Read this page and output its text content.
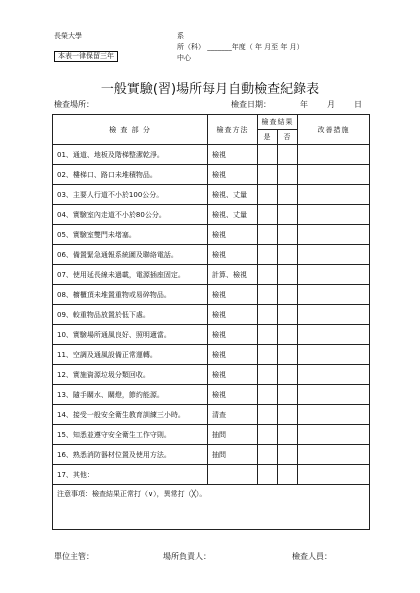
長榮大學	系
所（科） _______年度（ 年 月至 年 月）
中心
本表一律保留三年
一般實驗(習)場所每月自動檢查紀錄表
檢查場所：	檢查日期：	年 月 日
檢 查 部 分	檢查方法	檢查結果		改善措施
		是	否	
01、通道、地板及階梯整潔乾淨。	檢視			
02、樓梯口、路口未堆積物品。	檢視			
03、主要人行道不小於100公分。	檢視、丈量			
04、實驗室內走道不小於80公分。	檢視、丈量			
05、實驗室雙門未堵塞。	檢視			
06、備置緊急通報系統圖及聯絡電話。	檢視			
07、使用延長線未過載，電源插座固定。	計算、檢視			
08、櫥櫃頂未堆置重物或易碎物品。	檢視			
09、較重物品放置於低下處。	檢視			
10、實驗場所通風良好、照明適當。	檢視			
11、空調及通風設備正常運轉。	檢視			
12、實施資源垃圾分類回收。	檢視			
13、隨手關水、關燈，節約能源。	檢視			
14、接受一般安全衛生教育訓練三小時。	清查			
15、知悉並遵守安全衛生工作守則。	抽問			
16、熟悉消防器材位置及使用方法。	抽問			
17、其他：				
注意事項：檢查結果正常打（∨），異常打（╳）。				
單位主管：	場所負責人：	檢查人員：
